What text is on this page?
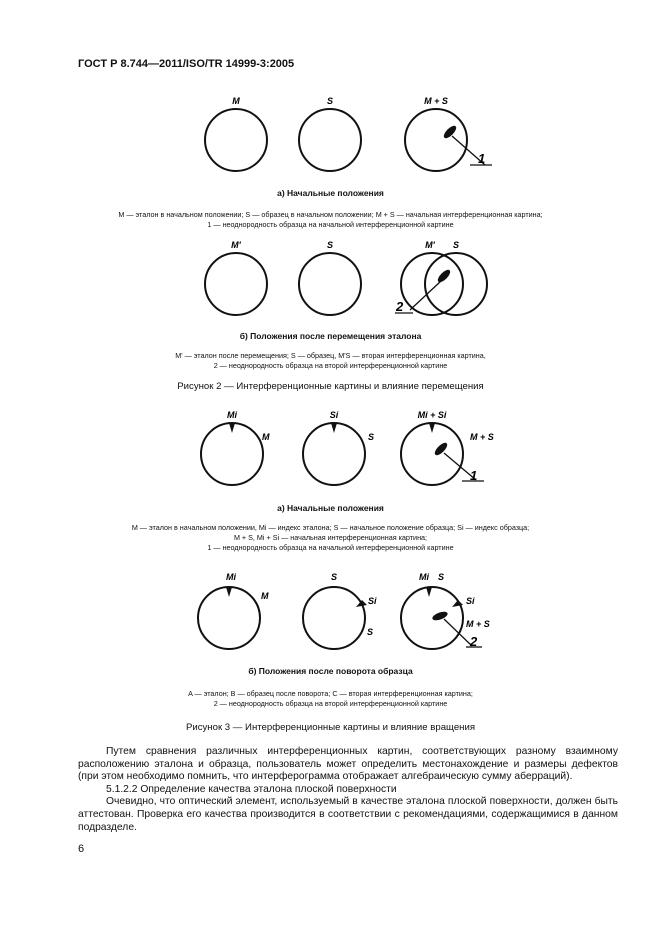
ГОСТ Р 8.744—2011/ISO/TR 14999-3:2005
M	S	M + S
1
а) Начальные положения
M — эталон в начальном положении; S — образец в начальном положении; M + S — начальная интерференционная картина;
1 — неоднородность образца на начальной интерференционной картине
M'	S	M' S
2
б) Положения после перемещения эталона
M' — эталон после перемещения; S — образец, M'S — вторая интерференционная картина,
2 — неоднородность образца на второй интерференционной картине
Рисунок 2 — Интерференционные картины и влияние перемещения
Mi	Si	Mi + Si
M	S	M + S
1
а) Начальные положения
M — эталон в начальном положении, Mi — индекс эталона; S — начальное положение образца; Si — индекс образца;
M + S, Mi + Si — начальная интерференционная картина;
1 — неоднородность образца на начальной интерференционной картине
Mi
M
S
Si
S
Mi S
Si
M + S
2
б) Положения после поворота образца
A — эталон; B — образец после поворота; C — вторая интерференционная картина;
2 — неоднородность образца на второй интерференционной картине
Рисунок 3 — Интерференционные картины и влияние вращения

Путем сравнения различных интерференционных картин, соответствующих разному взаимному расположению эталона и образца, пользователь может определить местонахождение и размеры дефектов (при этом необходимо помнить, что интерферограмма отображает алгебраическую сумму аберраций).

5.1.2.2 Определение качества эталона плоской поверхности

Очевидно, что оптический элемент, используемый в качестве эталона плоской поверхности, должен быть аттестован. Проверка его качества производится в соответствии с рекомендациями, содержащимися в данном подразделе.

6
